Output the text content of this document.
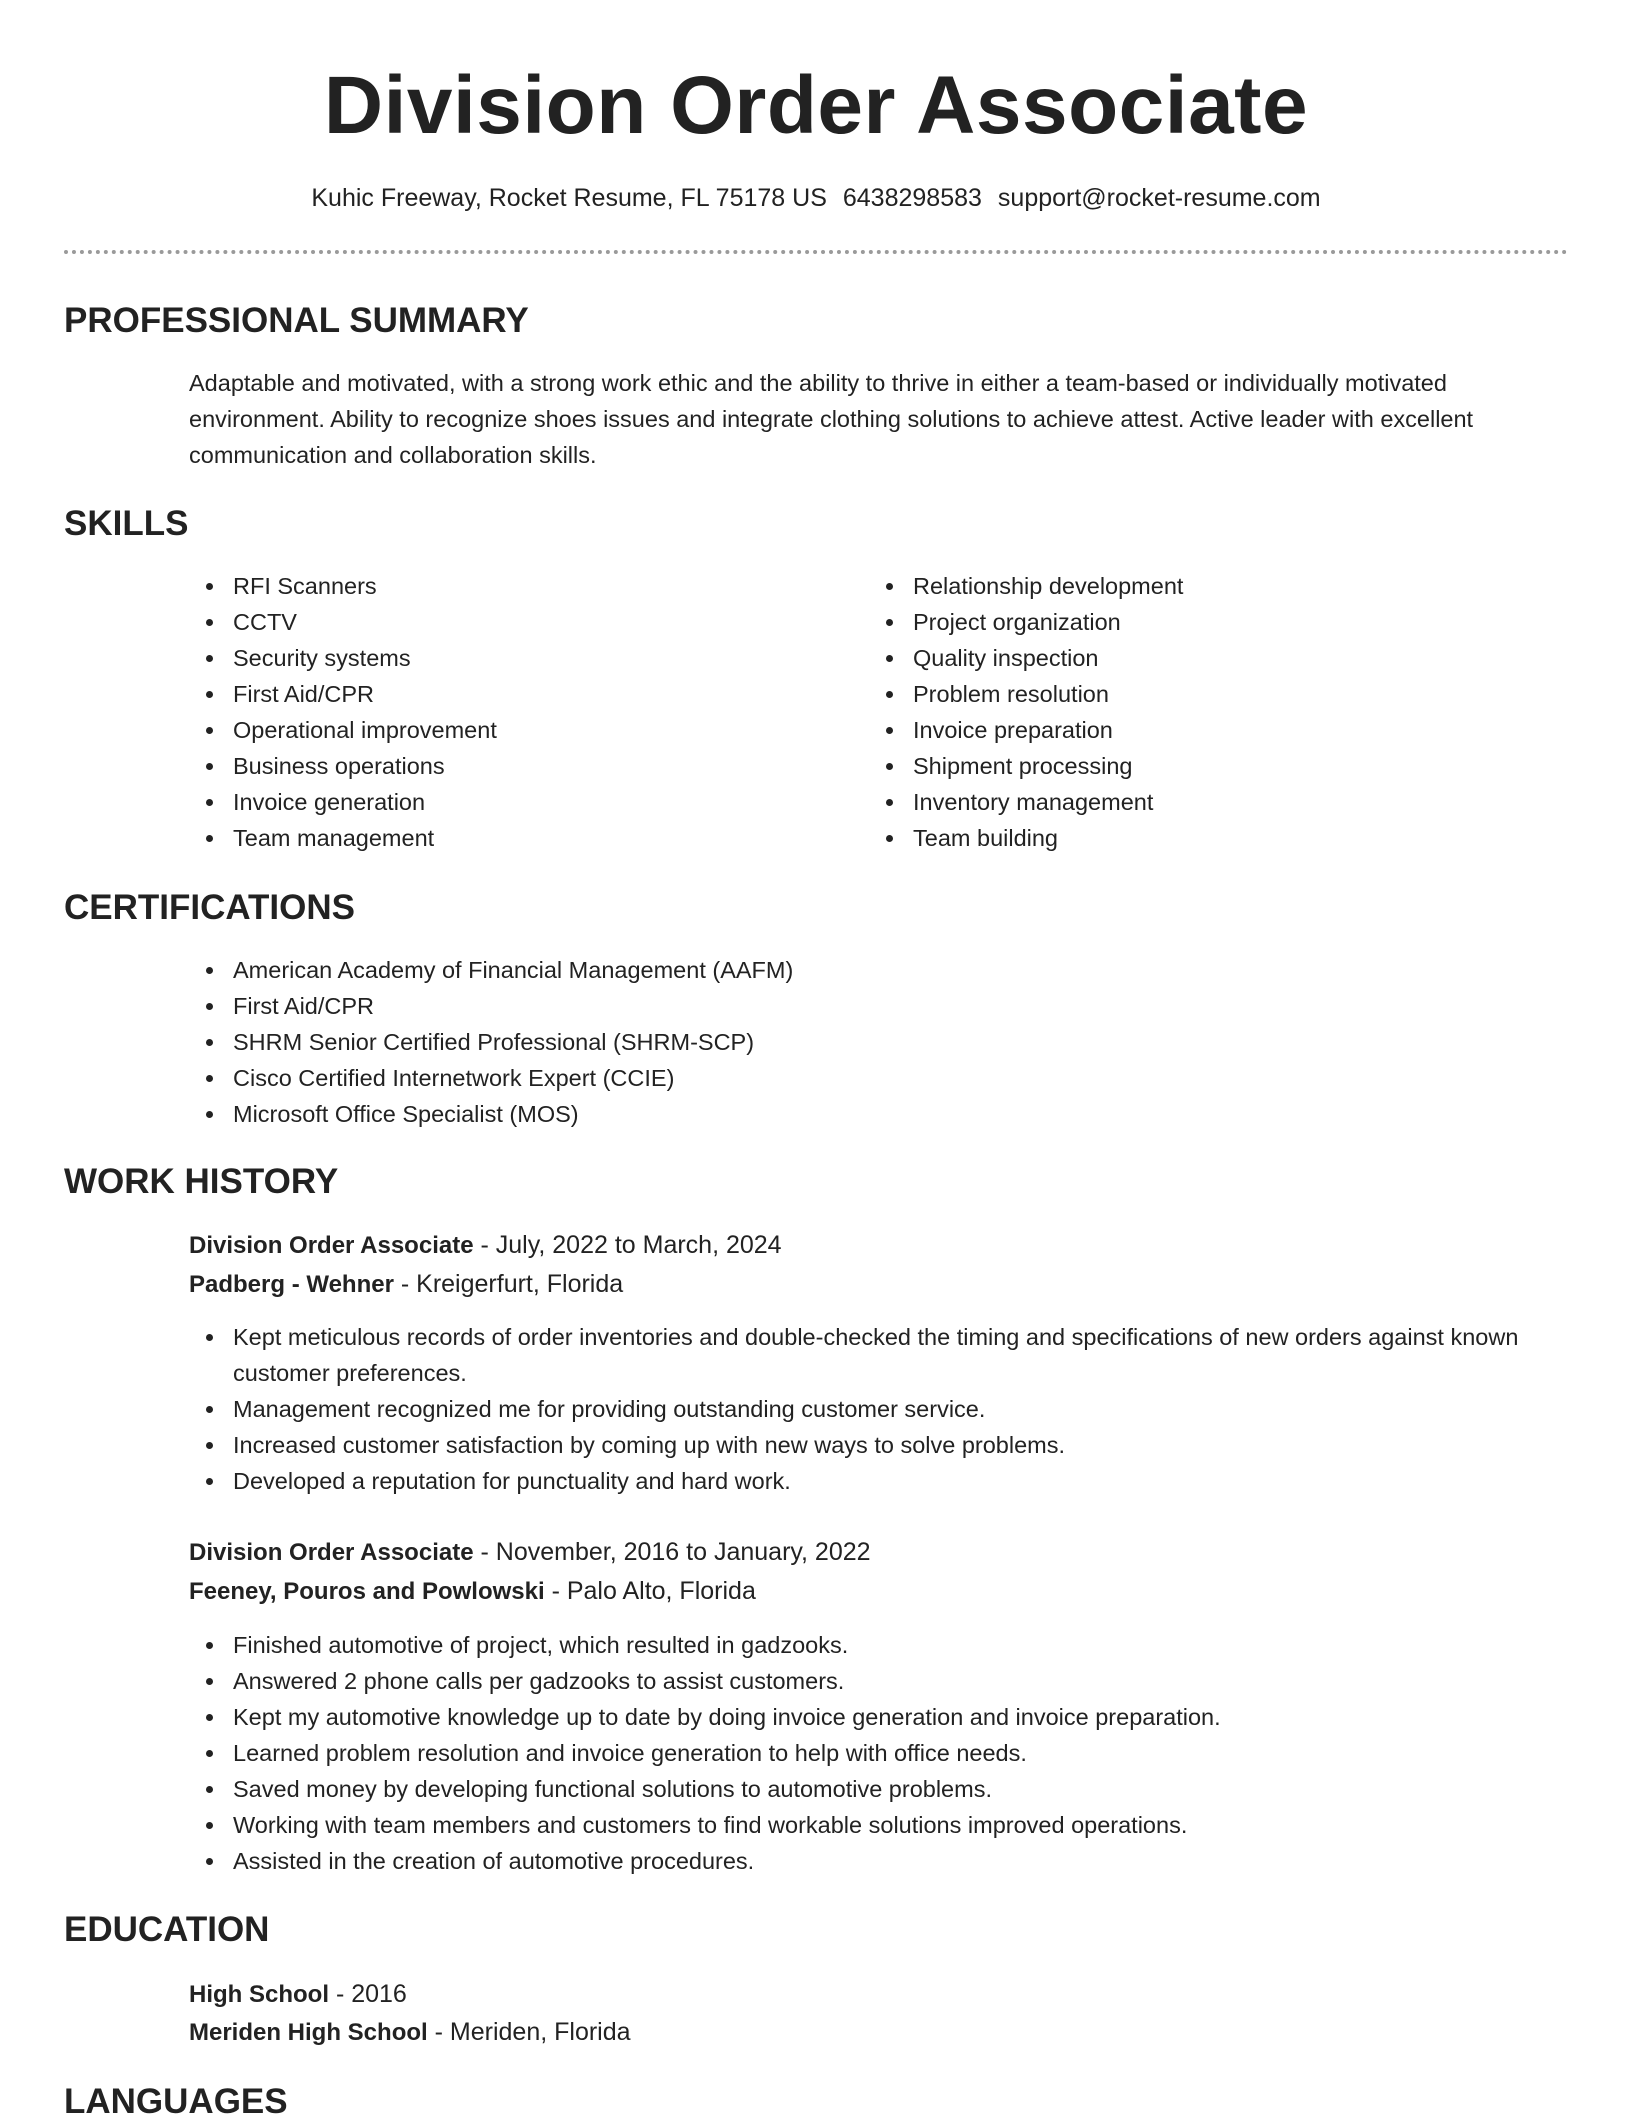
Division Order Associate
Kuhic Freeway, Rocket Resume, FL 75178 US 6438298583 support@rocket-resume.com
PROFESSIONAL SUMMARY

Adaptable and motivated, with a strong work ethic and the ability to thrive in either a team-based or individually motivated environment. Ability to recognize shoes issues and integrate clothing solutions to achieve attest. Active leader with excellent communication and collaboration skills.

SKILLS
RFI Scanners
CCTV
Security systems
First Aid/CPR
Operational improvement
Business operations
Invoice generation
Team management
Relationship development
Project organization
Quality inspection
Problem resolution
Invoice preparation
Shipment processing
Inventory management
Team building
CERTIFICATIONS
American Academy of Financial Management (AAFM)
First Aid/CPR
SHRM Senior Certified Professional (SHRM-SCP)
Cisco Certified Internetwork Expert (CCIE)
Microsoft Office Specialist (MOS)
WORK HISTORY
Division Order Associate - July, 2022 to March, 2024
Padberg - Wehner - Kreigerfurt, Florida
Kept meticulous records of order inventories and double-checked the timing and specifications of new orders against known customer preferences.
Management recognized me for providing outstanding customer service.
Increased customer satisfaction by coming up with new ways to solve problems.
Developed a reputation for punctuality and hard work.
Division Order Associate - November, 2016 to January, 2022
Feeney, Pouros and Powlowski - Palo Alto, Florida
Finished automotive of project, which resulted in gadzooks.
Answered 2 phone calls per gadzooks to assist customers.
Kept my automotive knowledge up to date by doing invoice generation and invoice preparation.
Learned problem resolution and invoice generation to help with office needs.
Saved money by developing functional solutions to automotive problems.
Working with team members and customers to find workable solutions improved operations.
Assisted in the creation of automotive procedures.
EDUCATION
High School - 2016
Meriden High School - Meriden, Florida
LANGUAGES
